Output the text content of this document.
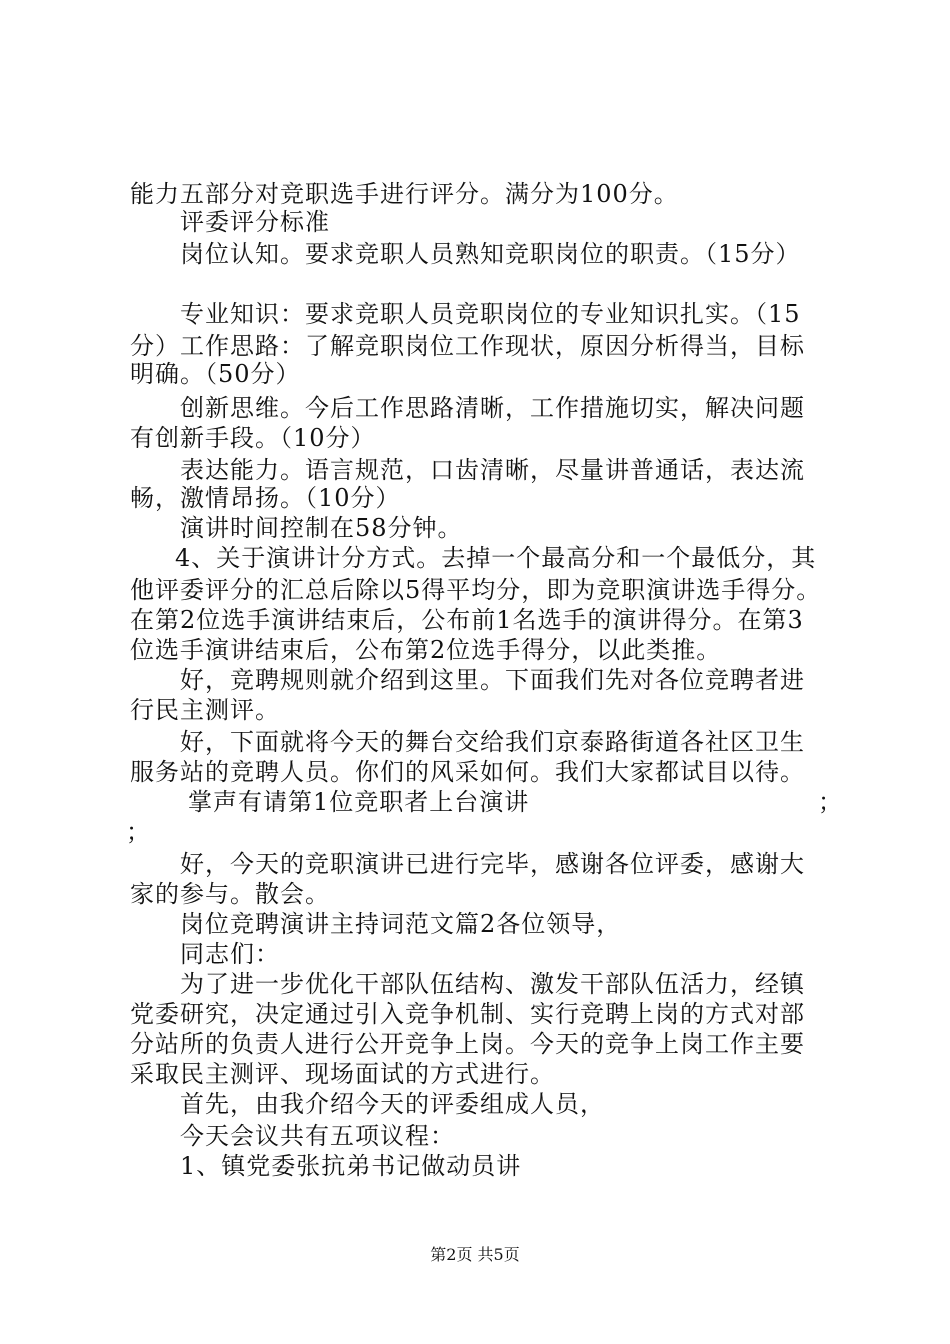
能力五部分对竞职选手进行评分。满分为100分。
评委评分标准
岗位认知。要求竞职人员熟知竞职岗位的职责。（15分）
专业知识：要求竞职人员竞职岗位的专业知识扎实。（15
分）工作思路：了解竞职岗位工作现状，原因分析得当，目标
明确。（50分）
创新思维。今后工作思路清晰，工作措施切实，解决问题
有创新手段。（10分）
表达能力。语言规范，口齿清晰，尽量讲普通话，表达流
畅，激情昂扬。（10分）
演讲时间控制在58分钟。
4、关于演讲计分方式。去掉一个最高分和一个最低分，其
他评委评分的汇总后除以5得平均分，即为竞职演讲选手得分。
在第2位选手演讲结束后，公布前1名选手的演讲得分。在第3
位选手演讲结束后，公布第2位选手得分，以此类推。
好，竞聘规则就介绍到这里。下面我们先对各位竞聘者进
行民主测评。
好，下面就将今天的舞台交给我们京泰路街道各社区卫生
服务站的竞聘人员。你们的风采如何。我们大家都试目以待。
掌声有请第1位竞职者上台演讲	；
；
好，今天的竞职演讲已进行完毕，感谢各位评委，感谢大
家的参与。散会。
岗位竞聘演讲主持词范文篇2各位领导，
同志们：
为了进一步优化干部队伍结构、激发干部队伍活力，经镇
党委研究，决定通过引入竞争机制、实行竞聘上岗的方式对部
分站所的负责人进行公开竞争上岗。今天的竞争上岗工作主要
采取民主测评、现场面试的方式进行。
首先，由我介绍今天的评委组成人员，
今天会议共有五项议程：
1、镇党委张抗弟书记做动员讲
第2页 共5页
